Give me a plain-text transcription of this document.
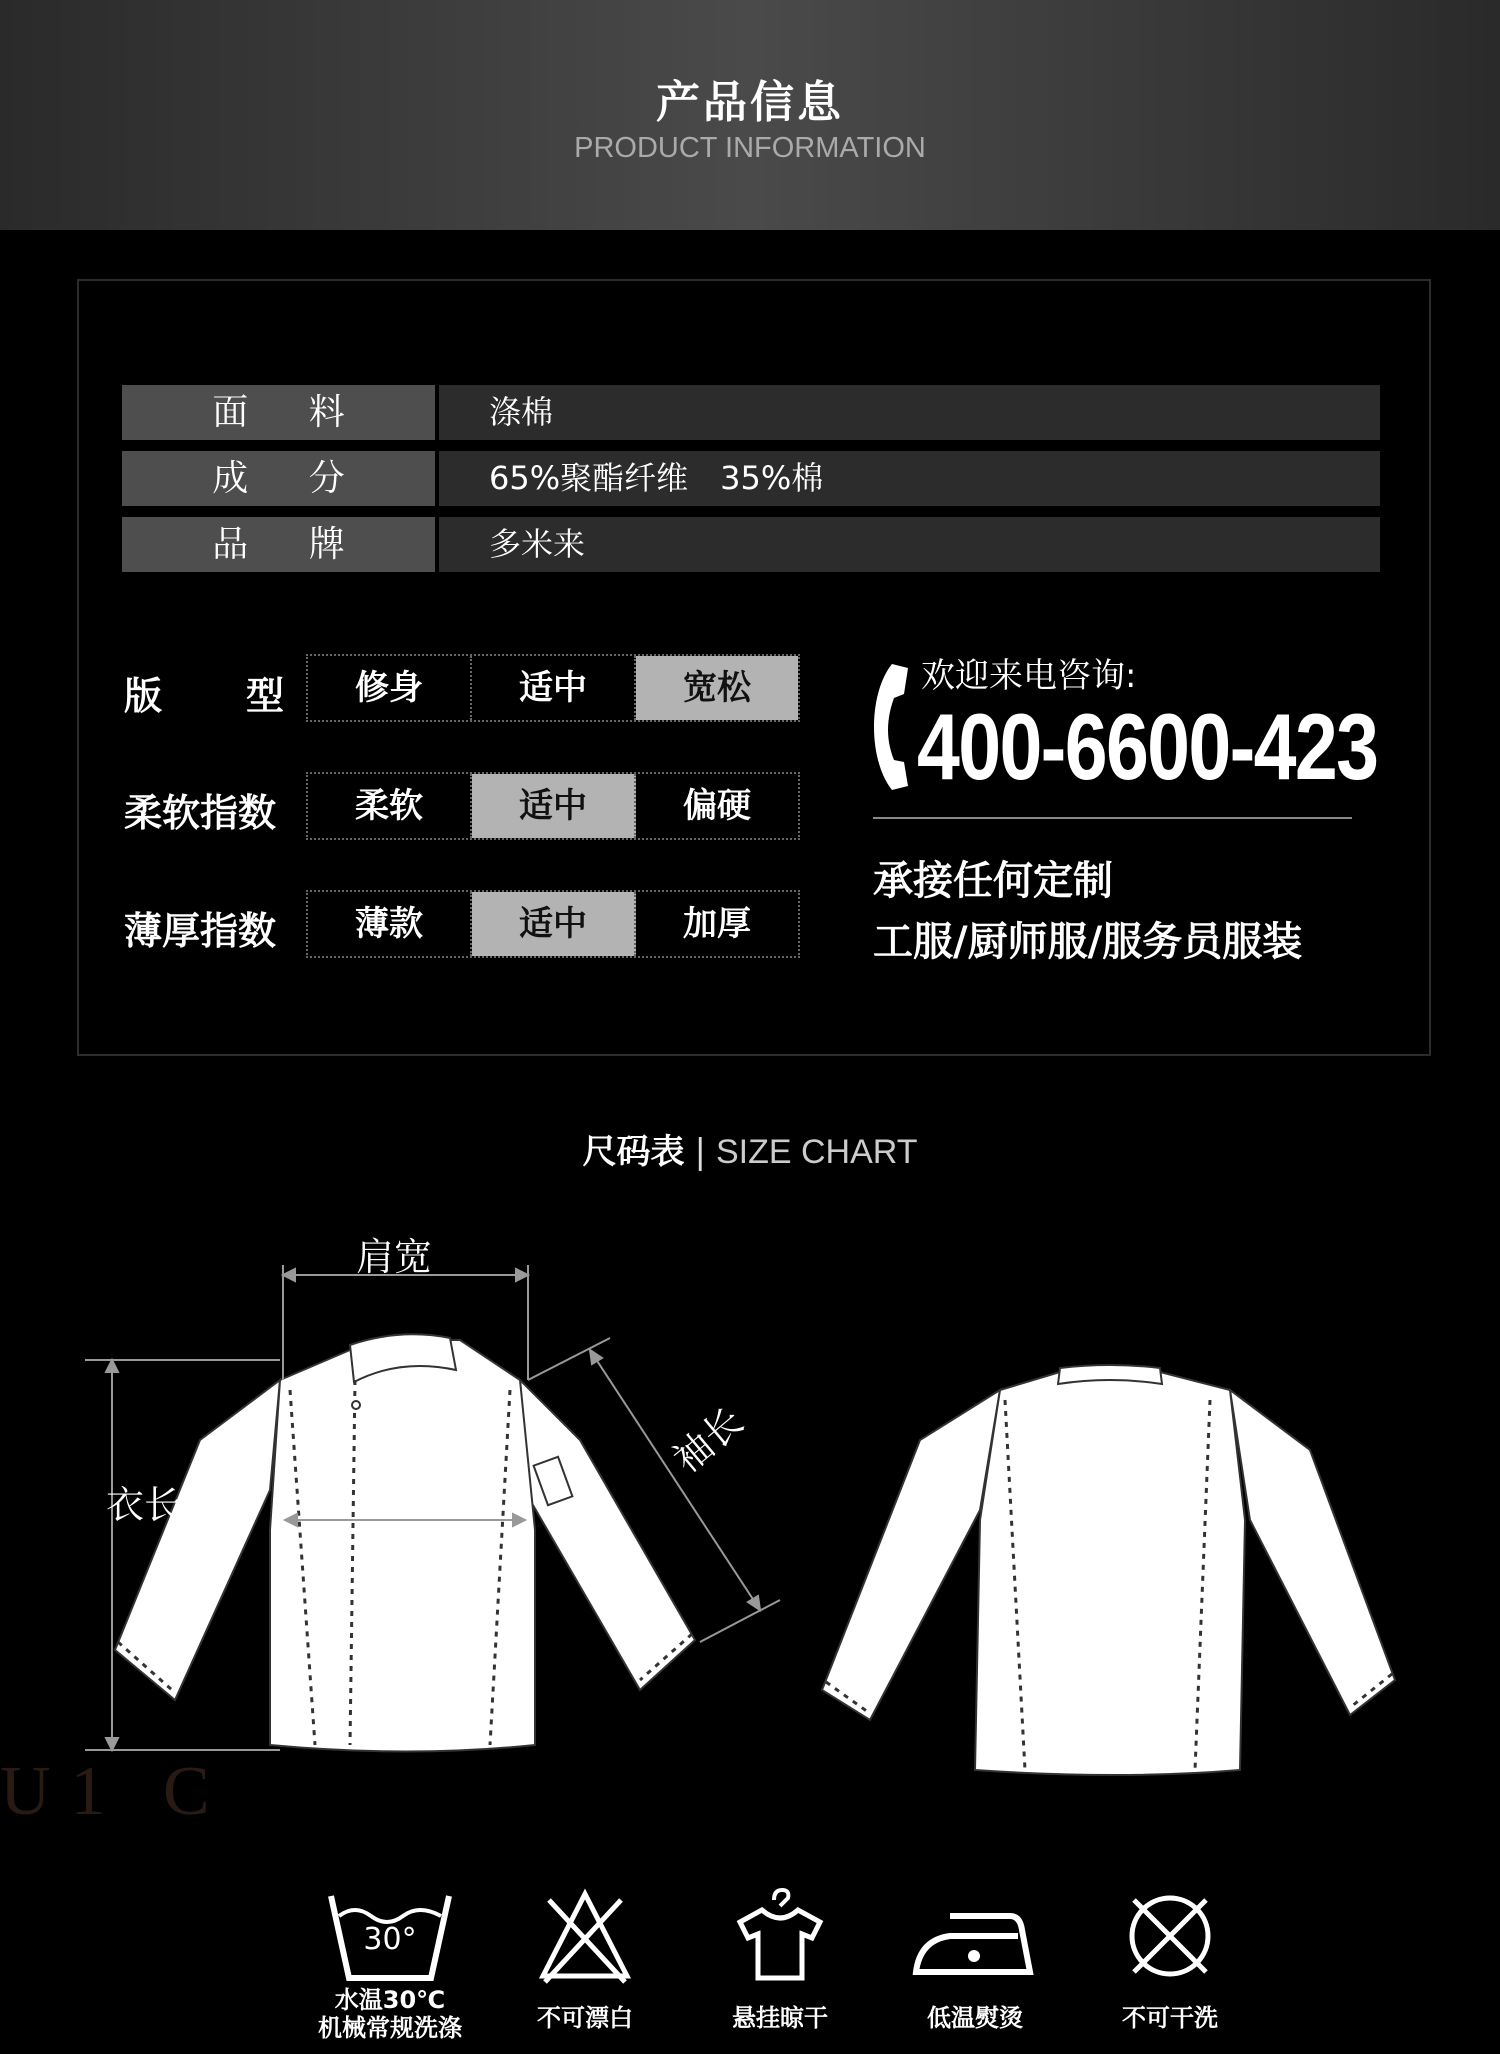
产品信息
PRODUCT INFORMATION
面 料	涤棉
成 分	65%聚酯纤维　35%棉
品 牌	多米来
版 型	修身	适中	宽松
柔软指数	柔软	适中	偏硬
薄厚指数	薄款	适中	加厚
欢迎来电咨询:
400-6600-423
承接任何定制
工服/厨师服/服务员服装
尺码表 | SIZE CHART
肩宽
衣长	胸围
袖长
U1 C
30°
水温30℃
机械常规洗涤	不可漂白	悬挂晾干	低温熨烫	不可干洗
